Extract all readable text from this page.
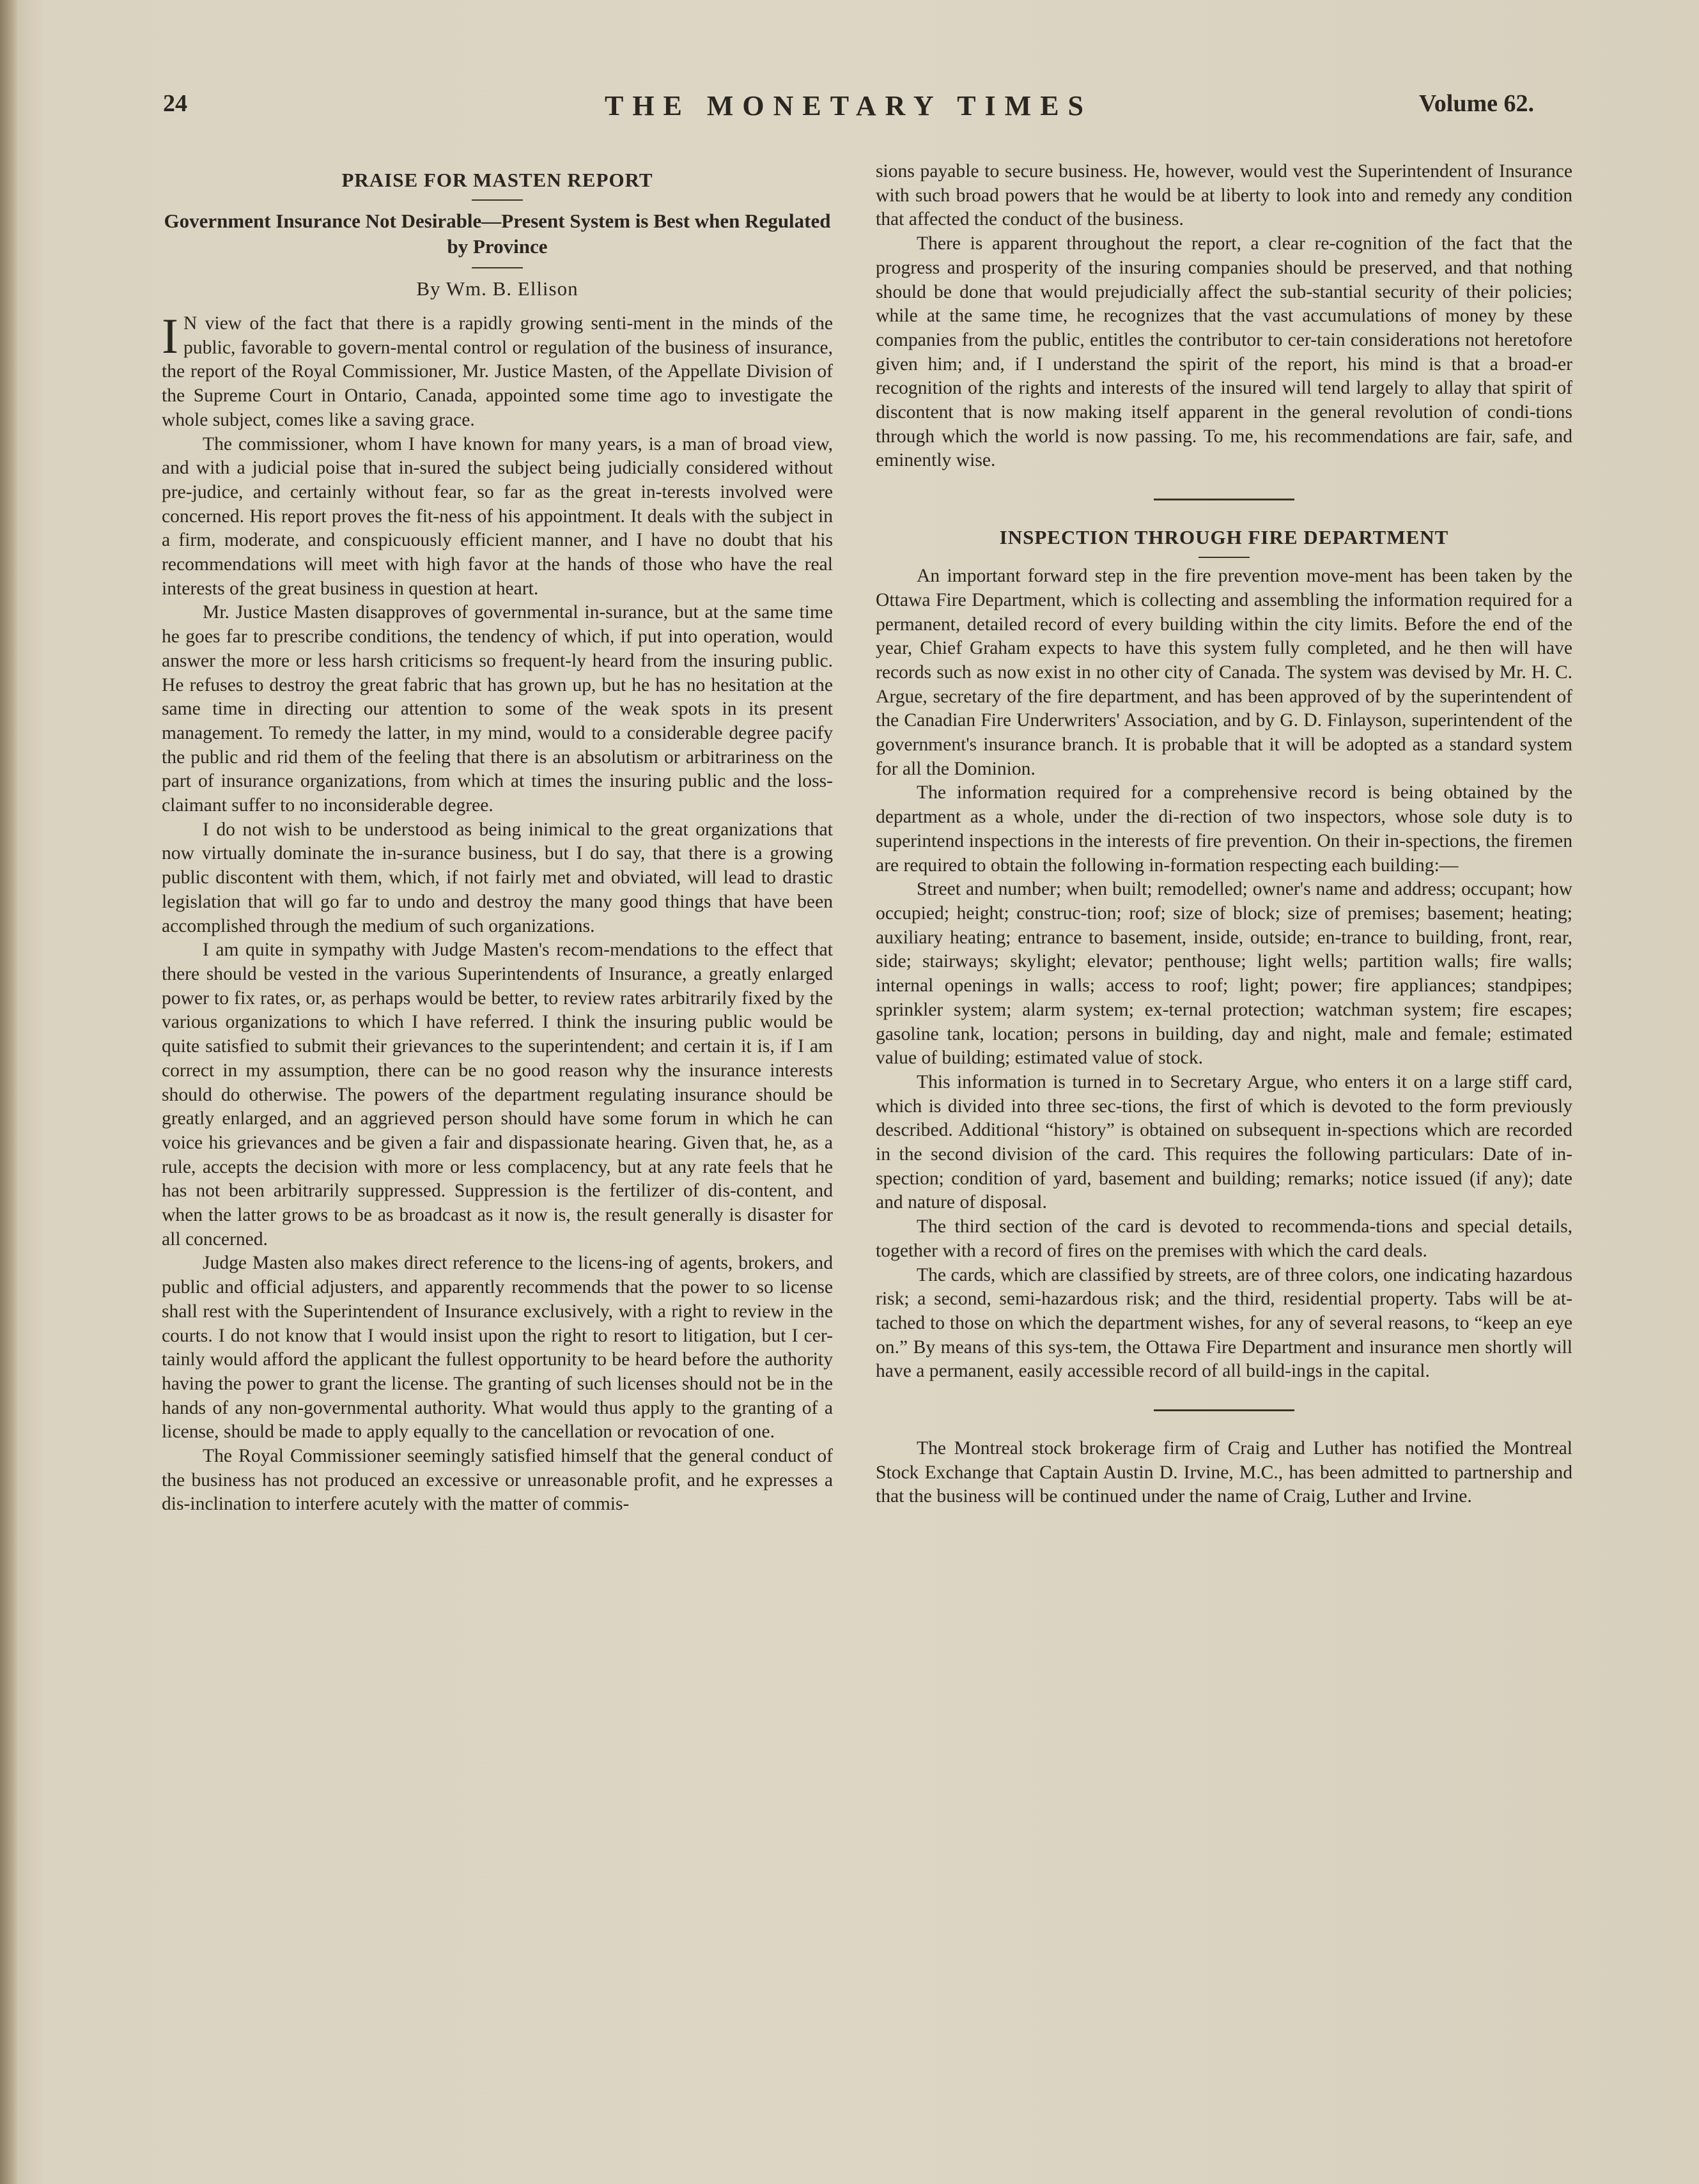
24	THE MONETARY TIMES	Volume 62.
PRAISE FOR MASTEN REPORT
Government Insurance Not Desirable—Present System is Best when Regulated by Province
By Wm. B. Ellison

I N view of the fact that there is a rapidly growing senti-ment in the minds of the public, favorable to govern-mental control or regulation of the business of insurance, the report of the Royal Commissioner, Mr. Justice Masten, of the Appellate Division of the Supreme Court in Ontario, Canada, appointed some time ago to investigate the whole subject, comes like a saving grace.

The commissioner, whom I have known for many years, is a man of broad view, and with a judicial poise that in-sured the subject being judicially considered without pre-judice, and certainly without fear, so far as the great in-terests involved were concerned. His report proves the fit-ness of his appointment. It deals with the subject in a firm, moderate, and conspicuously efficient manner, and I have no doubt that his recommendations will meet with high favor at the hands of those who have the real interests of the great business in question at heart.

Mr. Justice Masten disapproves of governmental in-surance, but at the same time he goes far to prescribe conditions, the tendency of which, if put into operation, would answer the more or less harsh criticisms so frequent-ly heard from the insuring public. He refuses to destroy the great fabric that has grown up, but he has no hesitation at the same time in directing our attention to some of the weak spots in its present management. To remedy the latter, in my mind, would to a considerable degree pacify the public and rid them of the feeling that there is an absolutism or arbitrariness on the part of insurance organizations, from which at times the insuring public and the loss-claimant suffer to no inconsiderable degree.

I do not wish to be understood as being inimical to the great organizations that now virtually dominate the in-surance business, but I do say, that there is a growing public discontent with them, which, if not fairly met and obviated, will lead to drastic legislation that will go far to undo and destroy the many good things that have been accomplished through the medium of such organizations.

I am quite in sympathy with Judge Masten's recom-mendations to the effect that there should be vested in the various Superintendents of Insurance, a greatly enlarged power to fix rates, or, as perhaps would be better, to review rates arbitrarily fixed by the various organizations to which I have referred. I think the insuring public would be quite satisfied to submit their grievances to the superintendent; and certain it is, if I am correct in my assumption, there can be no good reason why the insurance interests should do otherwise. The powers of the department regulating insurance should be greatly enlarged, and an aggrieved person should have some forum in which he can voice his grievances and be given a fair and dispassionate hearing. Given that, he, as a rule, accepts the decision with more or less complacency, but at any rate feels that he has not been arbitrarily suppressed. Suppression is the fertilizer of dis-content, and when the latter grows to be as broadcast as it now is, the result generally is disaster for all concerned.

Judge Masten also makes direct reference to the licens-ing of agents, brokers, and public and official adjusters, and apparently recommends that the power to so license shall rest with the Superintendent of Insurance exclusively, with a right to review in the courts. I do not know that I would insist upon the right to resort to litigation, but I cer-tainly would afford the applicant the fullest opportunity to be heard before the authority having the power to grant the license. The granting of such licenses should not be in the hands of any non-governmental authority. What would thus apply to the granting of a license, should be made to apply equally to the cancellation or revocation of one.

The Royal Commissioner seemingly satisfied himself that the general conduct of the business has not produced an excessive or unreasonable profit, and he expresses a dis-inclination to interfere acutely with the matter of commis-

sions payable to secure business. He, however, would vest the Superintendent of Insurance with such broad powers that he would be at liberty to look into and remedy any condition that affected the conduct of the business.

There is apparent throughout the report, a clear re-cognition of the fact that the progress and prosperity of the insuring companies should be preserved, and that nothing should be done that would prejudicially affect the sub-stantial security of their policies; while at the same time, he recognizes that the vast accumulations of money by these companies from the public, entitles the contributor to cer-tain considerations not heretofore given him; and, if I understand the spirit of the report, his mind is that a broad-er recognition of the rights and interests of the insured will tend largely to allay that spirit of discontent that is now making itself apparent in the general revolution of condi-tions through which the world is now passing. To me, his recommendations are fair, safe, and eminently wise.

INSPECTION THROUGH FIRE DEPARTMENT

An important forward step in the fire prevention move-ment has been taken by the Ottawa Fire Department, which is collecting and assembling the information required for a permanent, detailed record of every building within the city limits. Before the end of the year, Chief Graham expects to have this system fully completed, and he then will have records such as now exist in no other city of Canada. The system was devised by Mr. H. C. Argue, secretary of the fire department, and has been approved of by the superintendent of the Canadian Fire Underwriters' Association, and by G. D. Finlayson, superintendent of the government's insurance branch. It is probable that it will be adopted as a standard system for all the Dominion.

The information required for a comprehensive record is being obtained by the department as a whole, under the di-rection of two inspectors, whose sole duty is to superintend inspections in the interests of fire prevention. On their in-spections, the firemen are required to obtain the following in-formation respecting each building:—

Street and number; when built; remodelled; owner's name and address; occupant; how occupied; height; construc-tion; roof; size of block; size of premises; basement; heating; auxiliary heating; entrance to basement, inside, outside; en-trance to building, front, rear, side; stairways; skylight; elevator; penthouse; light wells; partition walls; fire walls; internal openings in walls; access to roof; light; power; fire appliances; standpipes; sprinkler system; alarm system; ex-ternal protection; watchman system; fire escapes; gasoline tank, location; persons in building, day and night, male and female; estimated value of building; estimated value of stock.

This information is turned in to Secretary Argue, who enters it on a large stiff card, which is divided into three sec-tions, the first of which is devoted to the form previously described. Additional “history” is obtained on subsequent in-spections which are recorded in the second division of the card. This requires the following particulars: Date of in-spection; condition of yard, basement and building; remarks; notice issued (if any); date and nature of disposal.

The third section of the card is devoted to recommenda-tions and special details, together with a record of fires on the premises with which the card deals.

The cards, which are classified by streets, are of three colors, one indicating hazardous risk; a second, semi-hazardous risk; and the third, residential property. Tabs will be at-tached to those on which the department wishes, for any of several reasons, to “keep an eye on.” By means of this sys-tem, the Ottawa Fire Department and insurance men shortly will have a permanent, easily accessible record of all build-ings in the capital.

The Montreal stock brokerage firm of Craig and Luther has notified the Montreal Stock Exchange that Captain Austin D. Irvine, M.C., has been admitted to partnership and that the business will be continued under the name of Craig, Luther and Irvine.
